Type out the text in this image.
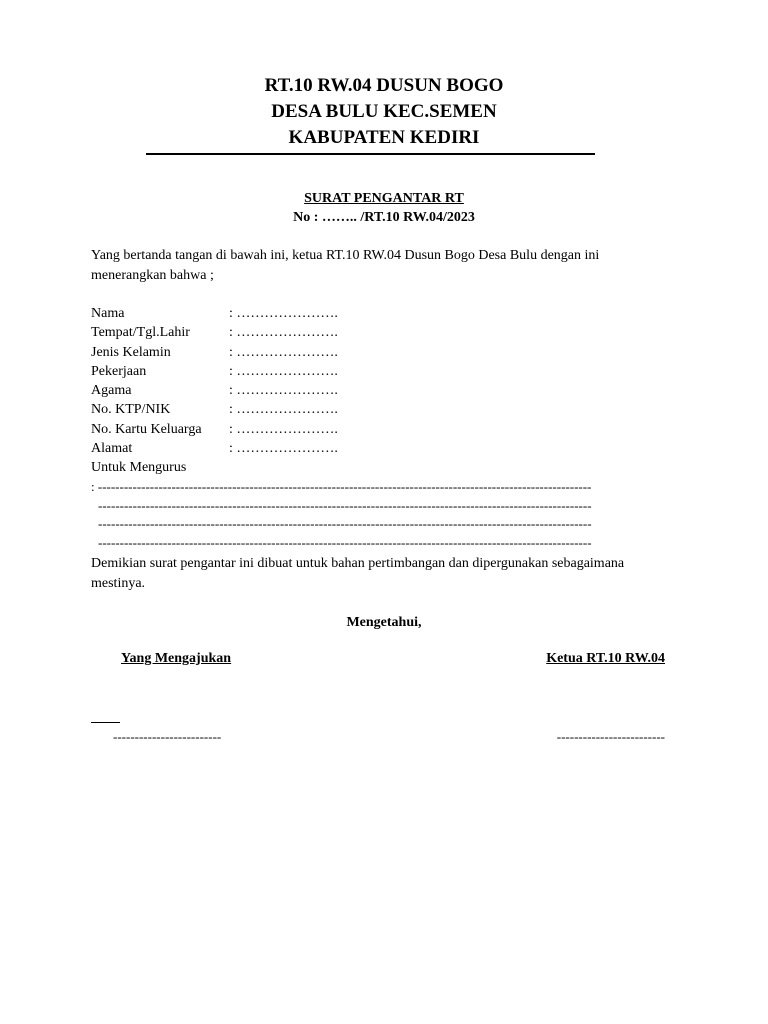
RT.10 RW.04 DUSUN BOGO
DESA BULU KEC.SEMEN
KABUPATEN KEDIRI
SURAT PENGANTAR RT
No : …….. /RT.10 RW.04/2023
Yang bertanda tangan di bawah ini, ketua RT.10 RW.04 Dusun Bogo Desa Bulu dengan ini menerangkan bahwa ;
Nama	: ………………….
Tempat/Tgl.Lahir	: ………………….
Jenis Kelamin	: ………………….
Pekerjaan	: ………………….
Agama	: ………………….
No. KTP/NIK	: ………………….
No. Kartu Keluarga	: ………………….
Alamat	: ………………….
Untuk Mengurus
: ------------------------------------------------------------------------------------------------------------------
------------------------------------------------------------------------------------------------------------------
------------------------------------------------------------------------------------------------------------------
------------------------------------------------------------------------------------------------------------------
Demikian surat pengantar ini dibuat untuk bahan pertimbangan dan dipergunakan sebagaimana mestinya.
Mengetahui,
Yang Mengajukan	Ketua RT.10 RW.04
-------------------------	-------------------------
